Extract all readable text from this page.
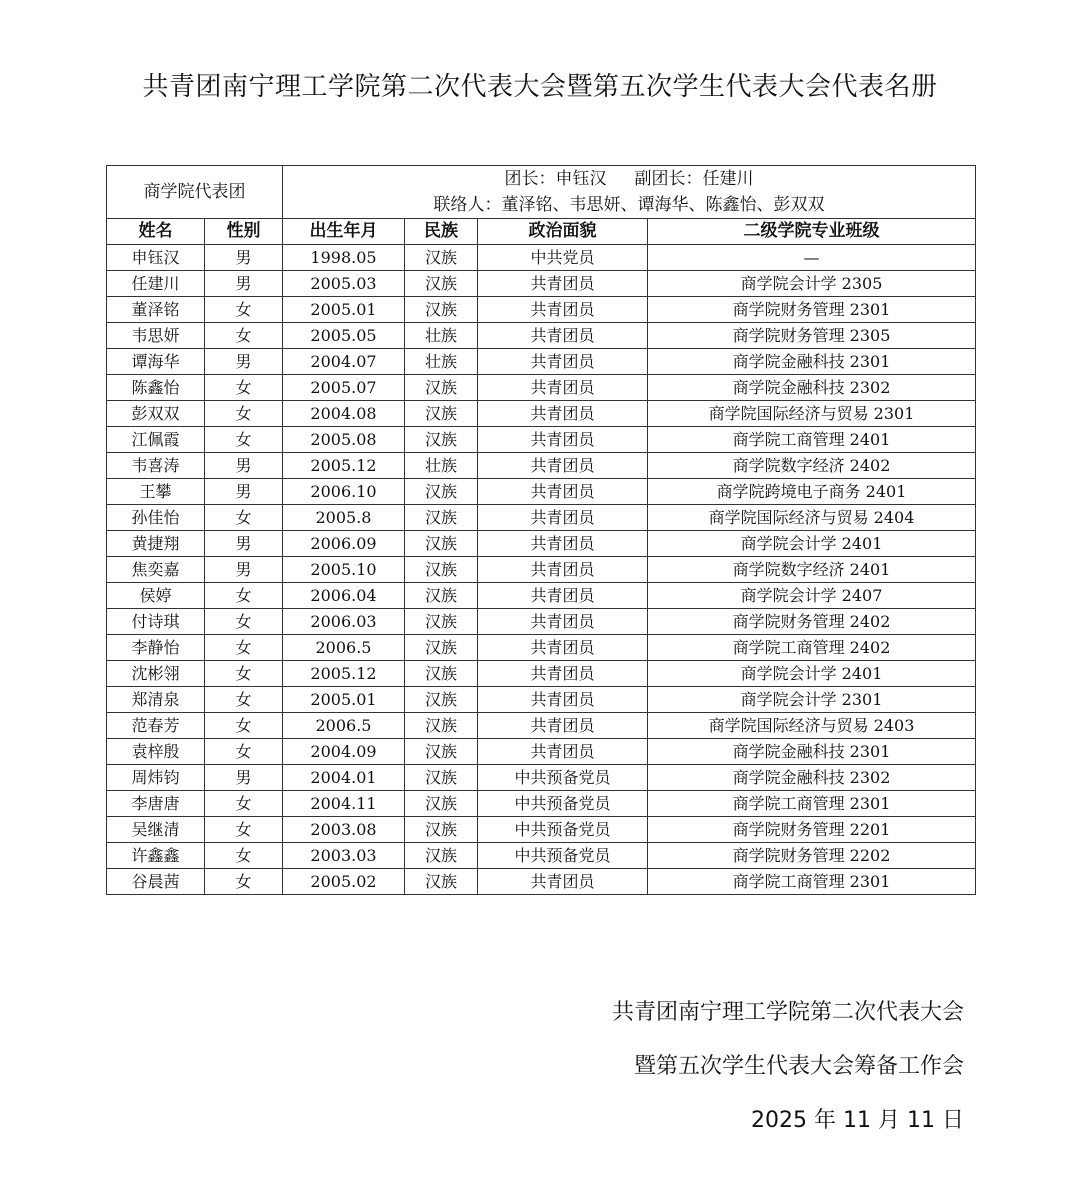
共青团南宁理工学院第二次代表大会暨第五次学生代表大会代表名册
商学院代表团		团长：申钰汉 副团长：任建川
联络人：董泽铭、韦思妍、谭海华、陈鑫怡、彭双双			

姓名	性别	出生年月	民族	政治面貌	二级学院专业班级
申钰汉	男	1998.05	汉族	中共党员	—
任建川	男	2005.03	汉族	共青团员	商学院会计学 2305
董泽铭	女	2005.01	汉族	共青团员	商学院财务管理 2301
韦思妍	女	2005.05	壮族	共青团员	商学院财务管理 2305
谭海华	男	2004.07	壮族	共青团员	商学院金融科技 2301
陈鑫怡	女	2005.07	汉族	共青团员	商学院金融科技 2302
彭双双	女	2004.08	汉族	共青团员	商学院国际经济与贸易 2301
江佩霞	女	2005.08	汉族	共青团员	商学院工商管理 2401
韦喜涛	男	2005.12	壮族	共青团员	商学院数字经济 2402
王攀	男	2006.10	汉族	共青团员	商学院跨境电子商务 2401
孙佳怡	女	2005.8	汉族	共青团员	商学院国际经济与贸易 2404
黄捷翔	男	2006.09	汉族	共青团员	商学院会计学 2401
焦奕嘉	男	2005.10	汉族	共青团员	商学院数字经济 2401
侯婷	女	2006.04	汉族	共青团员	商学院会计学 2407
付诗琪	女	2006.03	汉族	共青团员	商学院财务管理 2402
李静怡	女	2006.5	汉族	共青团员	商学院工商管理 2402
沈彬翎	女	2005.12	汉族	共青团员	商学院会计学 2401
郑清泉	女	2005.01	汉族	共青团员	商学院会计学 2301
范春芳	女	2006.5	汉族	共青团员	商学院国际经济与贸易 2403
袁梓殷	女	2004.09	汉族	共青团员	商学院金融科技 2301
周炜钧	男	2004.01	汉族	中共预备党员	商学院金融科技 2302
李唐唐	女	2004.11	汉族	中共预备党员	商学院工商管理 2301
吴继清	女	2003.08	汉族	中共预备党员	商学院财务管理 2201
许鑫鑫	女	2003.03	汉族	中共预备党员	商学院财务管理 2202
谷晨茜	女	2005.02	汉族	共青团员	商学院工商管理 2301
共青团南宁理工学院第二次代表大会
暨第五次学生代表大会筹备工作会
2025 年 11 月 11 日
